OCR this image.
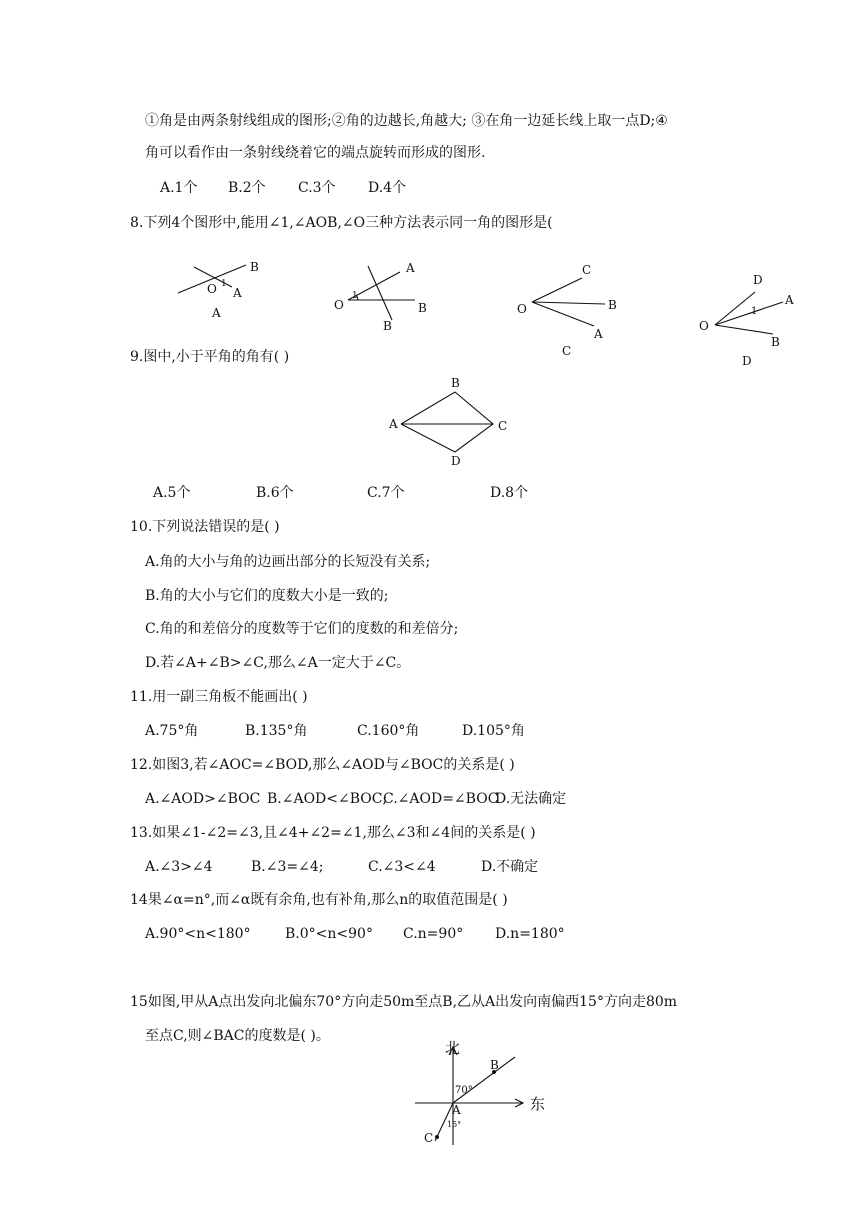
①角是由两条射线组成的图形;②角的边越长,角越大; ③在角一边延长线上取一点D;④
角可以看作由一条射线绕着它的端点旋转而形成的图形.
A.1个 B.2个 C.3个 D.4个
8.下列4个图形中,能用∠1,∠AOB,∠O三种方法表示同一角的图形是(
B
O 1
A
A
A
O
1
B
B
C
O	B
A
C
D
1
A
O
B
D
9.图中,小于平角的角有( )
B
A	C
D
A.5个	B.6个	C.7个	D.8个
10.下列说法错误的是( )
A.角的大小与角的边画出部分的长短没有关系;
B.角的大小与它们的度数大小是一致的;
C.角的和差倍分的度数等于它们的度数的和差倍分;
D.若∠A+∠B>∠C,那么∠A一定大于∠C。
11.用一副三角板不能画出( )
A.75°角	B.135°角	C.160°角	D.105°角
12.如图3,若∠AOC=∠BOD,那么∠AOD与∠BOC的关系是( )
A.∠AOD>∠BOC B.∠AOD<∠BOC;C.∠AOD=∠BOCD.无法确定
13.如果∠1-∠2=∠3,且∠4+∠2=∠1,那么∠3和∠4间的关系是( )
A.∠3>∠4	B.∠3=∠4;	C.∠3<∠4	D.不确定
14果∠α=n°,而∠α既有余角,也有补角,那么n的取值范围是( )
A.90°<n<180° B.0°<n<90° C.n=90° D.n=180°
15如图,甲从A点出发向北偏东70°方向走50m至点B,乙从A出发向南偏西15°方向走80m
至点C,则∠BAC的度数是( )。
北
东
70°
15°
A
B
C
